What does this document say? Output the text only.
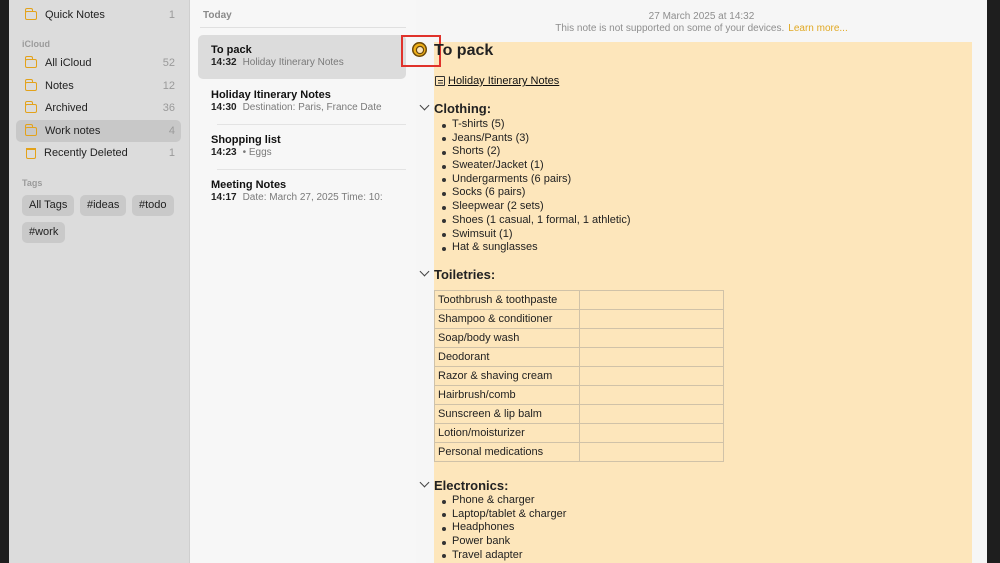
Quick Notes	1
iCloud
All iCloud	52
Notes	12
Archived	36
Work notes	4
Recently Deleted	1
Tags
All Tags	#ideas	#todo
#work
Today
To pack
14:32 Holiday Itinerary Notes
Holiday Itinerary Notes
14:30 Destination: Paris, France Date
Shopping list
14:23 • Eggs
Meeting Notes
14:17 Date: March 27, 2025 Time: 10:
27 March 2025 at 14:32
This note is not supported on some of your devices. Learn more...
To pack
Holiday Itinerary Notes
Clothing:
T-shirts (5)
Jeans/Pants (3)
Shorts (2)
Sweater/Jacket (1)
Undergarments (6 pairs)
Socks (6 pairs)
Sleepwear (2 sets)
Shoes (1 casual, 1 formal, 1 athletic)
Swimsuit (1)
Hat & sunglasses
Toiletries:
Toothbrush & toothpaste	
Shampoo & conditioner	
Soap/body wash	
Deodorant	
Razor & shaving cream	
Hairbrush/comb	
Sunscreen & lip balm	
Lotion/moisturizer	
Personal medications	
Electronics:
Phone & charger
Laptop/tablet & charger
Headphones
Power bank
Travel adapter
